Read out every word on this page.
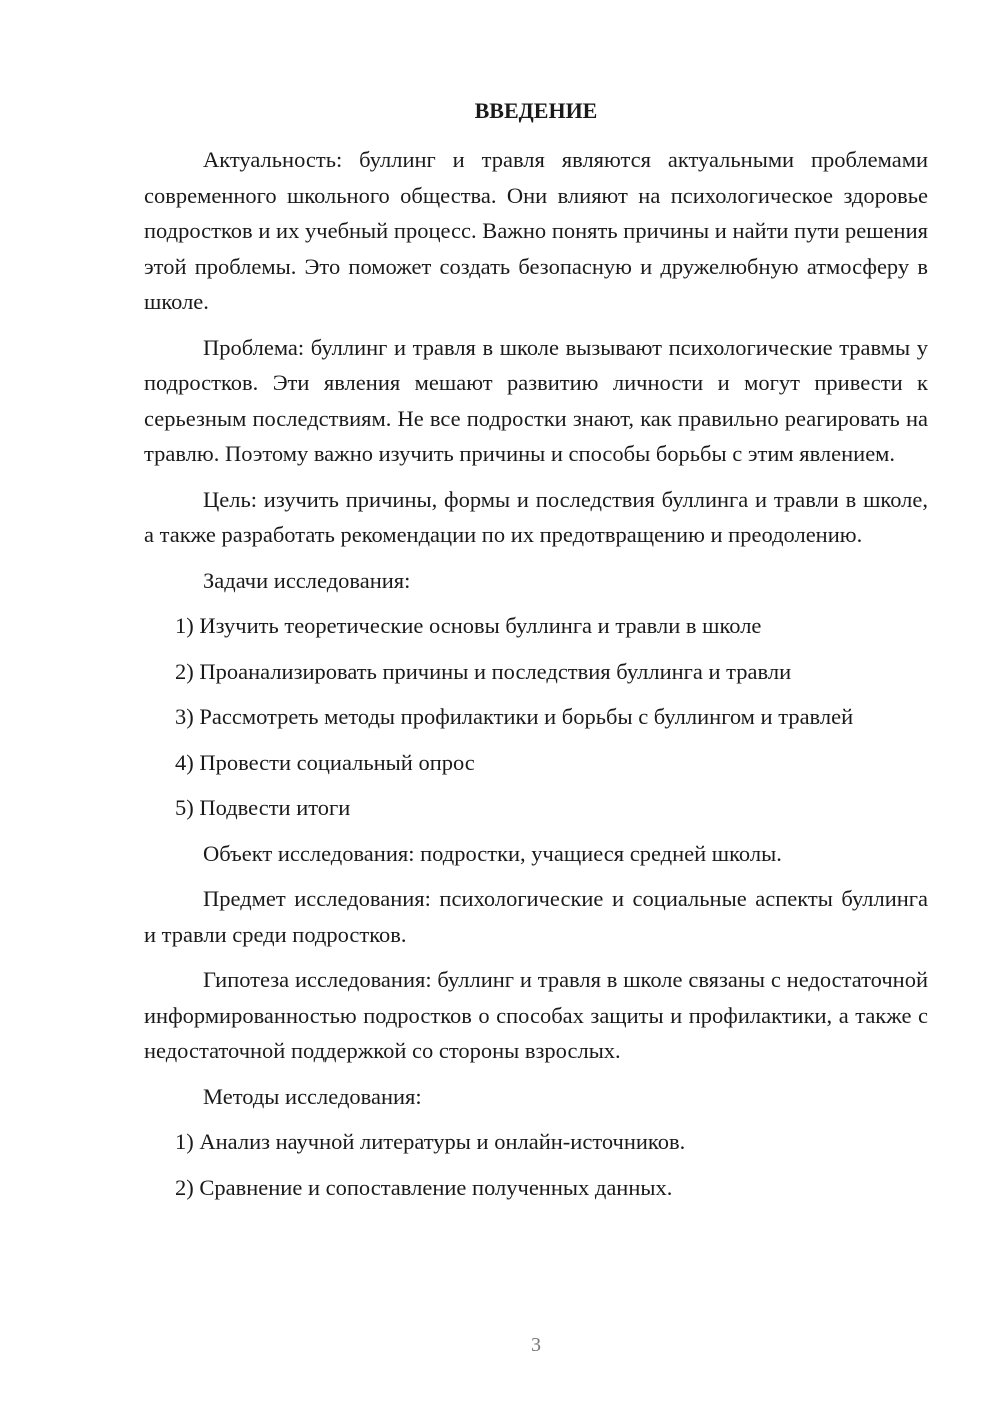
ВВЕДЕНИЕ

Актуальность: буллинг и травля являются актуальными проблемами современного школьного общества. Они влияют на психологическое здоровье подростков и их учебный процесс. Важно понять причины и найти пути решения этой проблемы. Это поможет создать безопасную и дружелюбную атмосферу в школе.

Проблема: буллинг и травля в школе вызывают психологические травмы у подростков. Эти явления мешают развитию личности и могут привести к серьезным последствиям. Не все подростки знают, как правильно реагировать на травлю. Поэтому важно изучить причины и способы борьбы с этим явлением.

Цель: изучить причины, формы и последствия буллинга и травли в школе, а также разработать рекомендации по их предотвращению и преодолению.

Задачи исследования:

1) Изучить теоретические основы буллинга и травли в школе
2) Проанализировать причины и последствия буллинга и травли
3) Рассмотреть методы профилактики и борьбы с буллингом и травлей
4) Провести социальный опрос
5) Подвести итоги

Объект исследования: подростки, учащиеся средней школы.

Предмет исследования: психологические и социальные аспекты буллинга и травли среди подростков.

Гипотеза исследования: буллинг и травля в школе связаны с недостаточной информированностью подростков о способах защиты и профилактики, а также с недостаточной поддержкой со стороны взрослых.

Методы исследования:

1) Анализ научной литературы и онлайн-источников.
2) Сравнение и сопоставление полученных данных.
3
